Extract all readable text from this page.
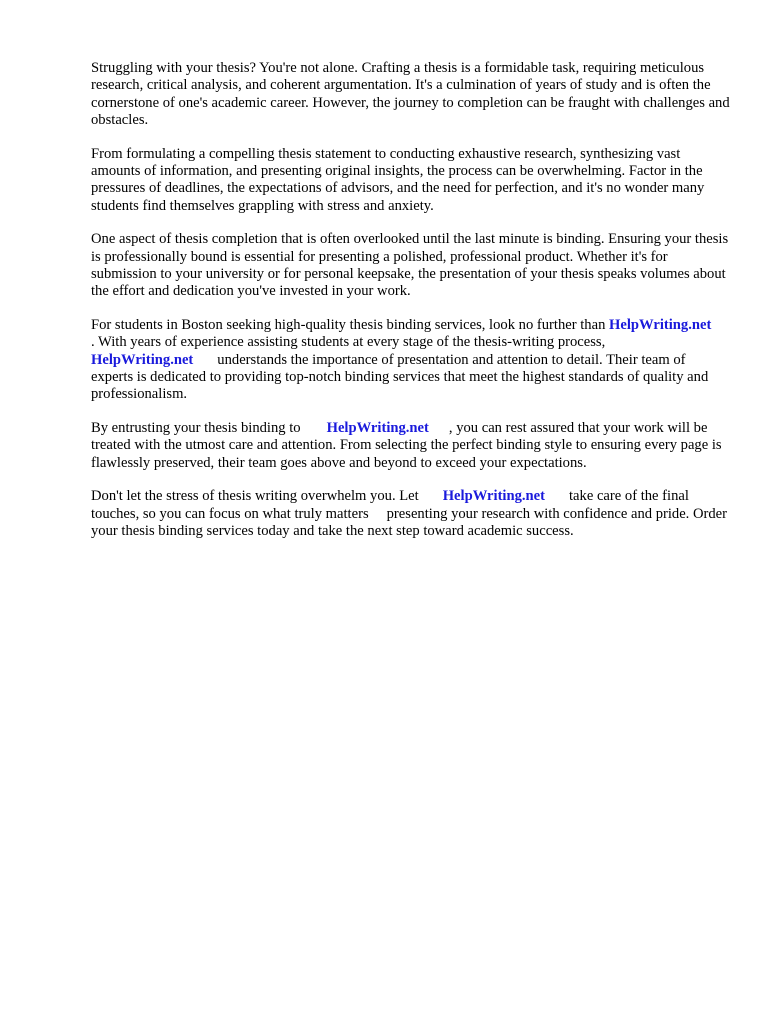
Struggling with your thesis? You're not alone. Crafting a thesis is a formidable task, requiring meticulous research, critical analysis, and coherent argumentation. It's a culmination of years of study and is often the cornerstone of one's academic career. However, the journey to completion can be fraught with challenges and obstacles.

From formulating a compelling thesis statement to conducting exhaustive research, synthesizing vast amounts of information, and presenting original insights, the process can be overwhelming. Factor in the pressures of deadlines, the expectations of advisors, and the need for perfection, and it's no wonder many students find themselves grappling with stress and anxiety.

One aspect of thesis completion that is often overlooked until the last minute is binding. Ensuring your thesis is professionally bound is essential for presenting a polished, professional product. Whether it's for submission to your university or for personal keepsake, the presentation of your thesis speaks volumes about the effort and dedication you've invested in your work.

For students in Boston seeking high-quality thesis binding services, look no further than HelpWriting.net. With years of experience assisting students at every stage of the thesis-writing process,HelpWriting.net understands the importance of presentation and attention to detail. Their team of experts is dedicated to providing top-notch binding services that meet the highest standards of quality and professionalism.

By entrusting your thesis binding to HelpWriting.net , you can rest assured that your work will be treated with the utmost care and attention. From selecting the perfect binding style to ensuring every page is flawlessly preserved, their team goes above and beyond to exceed your expectations.

Don't let the stress of thesis writing overwhelm you. Let HelpWriting.net take care of the final touches, so you can focus on what truly matters presenting your research with confidence and pride. Order your thesis binding services today and take the next step toward academic success.
